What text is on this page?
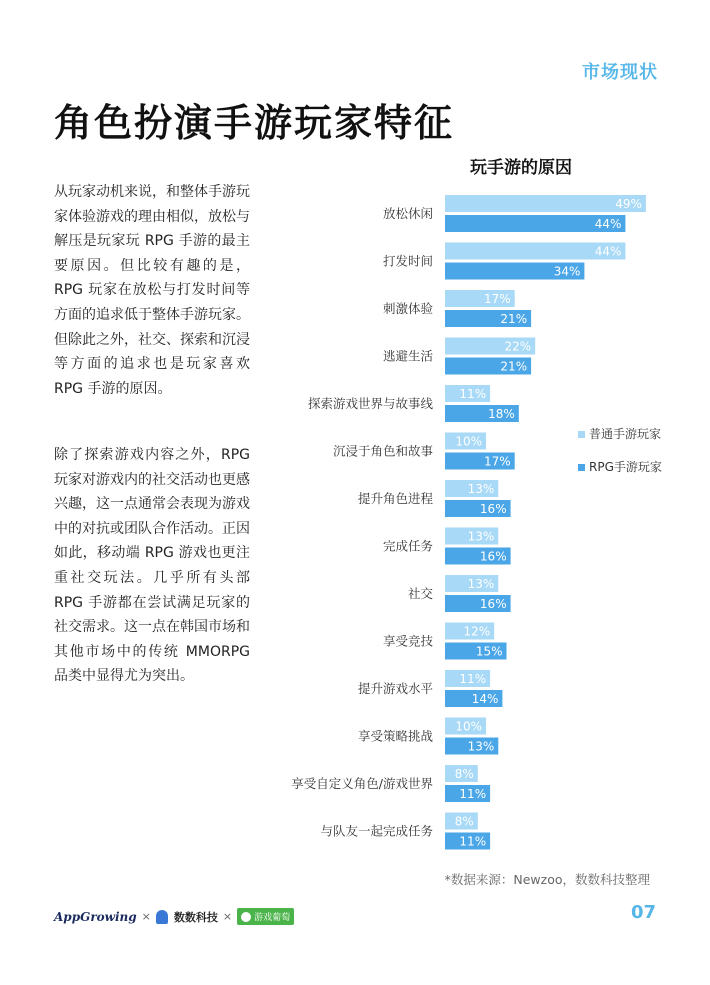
市场现状
角色扮演手游玩家特征
从玩家动机来说，和整体手游玩家体验游戏的理由相似，放松与解压是玩家玩 RPG 手游的最主要原因。但比较有趣的是，RPG 玩家在放松与打发时间等方面的追求低于整体手游玩家。但除此之外，社交、探索和沉浸等方面的追求也是玩家喜欢 RPG 手游的原因。
除了探索游戏内容之外，RPG 玩家对游戏内的社交活动也更感兴趣，这一点通常会表现为游戏中的对抗或团队合作活动。正因如此，移动端 RPG 游戏也更注重社交玩法。几乎所有头部 RPG 手游都在尝试满足玩家的社交需求。这一点在韩国市场和其他市场中的传统 MMORPG 品类中显得尤为突出。
玩手游的原因
放松休闲
49%
44%
打发时间
44%
34%
刺激体验
17%
21%
逃避生活
22%
21%
探索游戏世界与故事线
11%
18%
沉浸于角色和故事
10%
17%
提升角色进程
13%
16%
完成任务
13%
16%
社交
13%
16%
享受竞技
12%
15%
提升游戏水平
11%
14%
享受策略挑战
10%
13%
享受自定义角色/游戏世界
8%
11%
与队友一起完成任务
8%
11%
普通手游玩家
RPG手游玩家
*数据来源：Newzoo，数数科技整理
AppGrowing × 数数科技 × 游戏葡萄	07
